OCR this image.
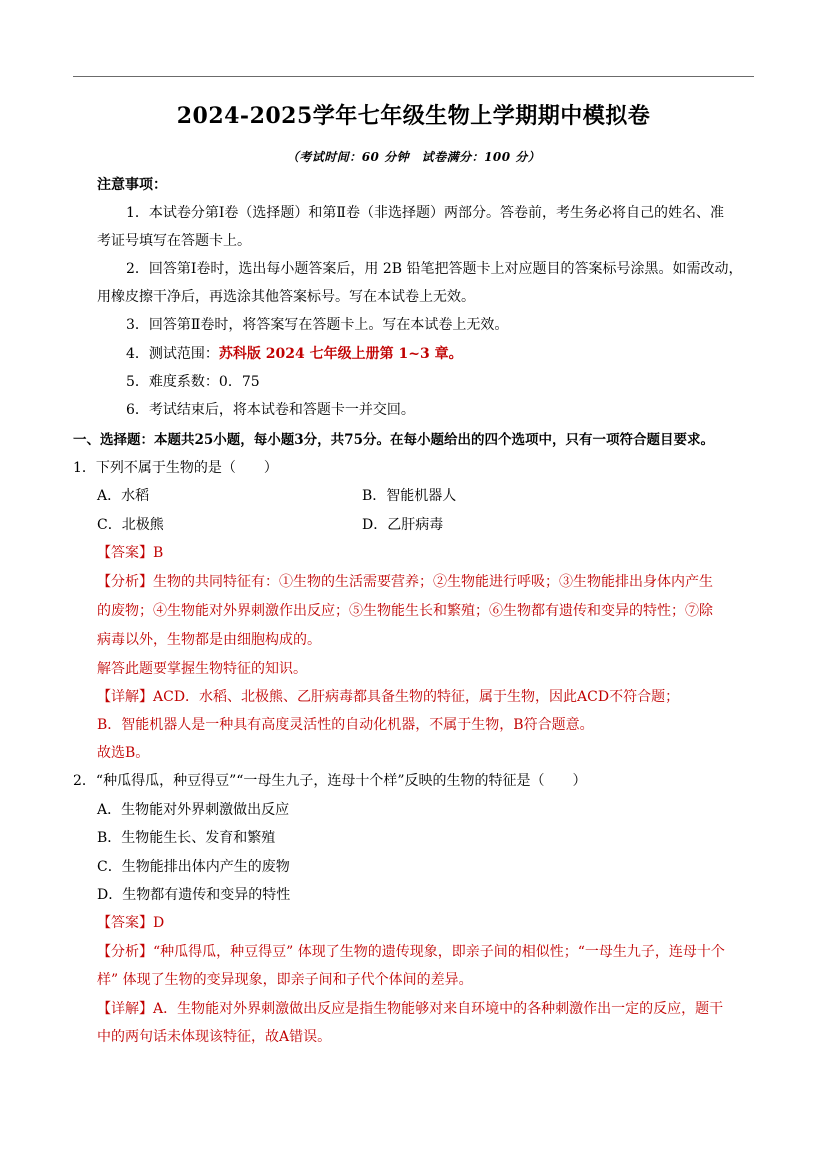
2024-2025学年七年级生物上学期期中模拟卷
（考试时间：60 分钟　试卷满分：100 分）
注意事项：
1．本试卷分第Ⅰ卷（选择题）和第Ⅱ卷（非选择题）两部分。答卷前，考生务必将自己的姓名、准
考证号填写在答题卡上。
2．回答第Ⅰ卷时，选出每小题答案后，用 2B 铅笔把答题卡上对应题目的答案标号涂黑。如需改动，
用橡皮擦干净后，再选涂其他答案标号。写在本试卷上无效。
3．回答第Ⅱ卷时，将答案写在答题卡上。写在本试卷上无效。
4．测试范围：苏科版 2024 七年级上册第 1~3 章。
5．难度系数：0．75
6．考试结束后，将本试卷和答题卡一并交回。
一、选择题：本题共25小题，每小题3分，共75分。在每小题给出的四个选项中，只有一项符合题目要求。
1．下列不属于生物的是（　　）
A．水稻	B．智能机器人
C．北极熊	D．乙肝病毒
【答案】B
【分析】生物的共同特征有：①生物的生活需要营养；②生物能进行呼吸；③生物能排出身体内产生
的废物；④生物能对外界刺激作出反应；⑤生物能生长和繁殖；⑥生物都有遗传和变异的特性；⑦除
病毒以外，生物都是由细胞构成的。
解答此题要掌握生物特征的知识。
【详解】ACD．水稻、北极熊、乙肝病毒都具备生物的特征，属于生物，因此ACD不符合题；
B．智能机器人是一种具有高度灵活性的自动化机器，不属于生物，B符合题意。
故选B。
2．“种瓜得瓜，种豆得豆”“一母生九子，连母十个样”反映的生物的特征是（　　）
A．生物能对外界刺激做出反应
B．生物能生长、发育和繁殖
C．生物能排出体内产生的废物
D．生物都有遗传和变异的特性
【答案】D
【分析】“种瓜得瓜，种豆得豆” 体现了生物的遗传现象，即亲子间的相似性；“一母生九子，连母十个
样” 体现了生物的变异现象，即亲子间和子代个体间的差异。
【详解】A．生物能对外界刺激做出反应是指生物能够对来自环境中的各种刺激作出一定的反应，题干
中的两句话未体现该特征，故A错误。
